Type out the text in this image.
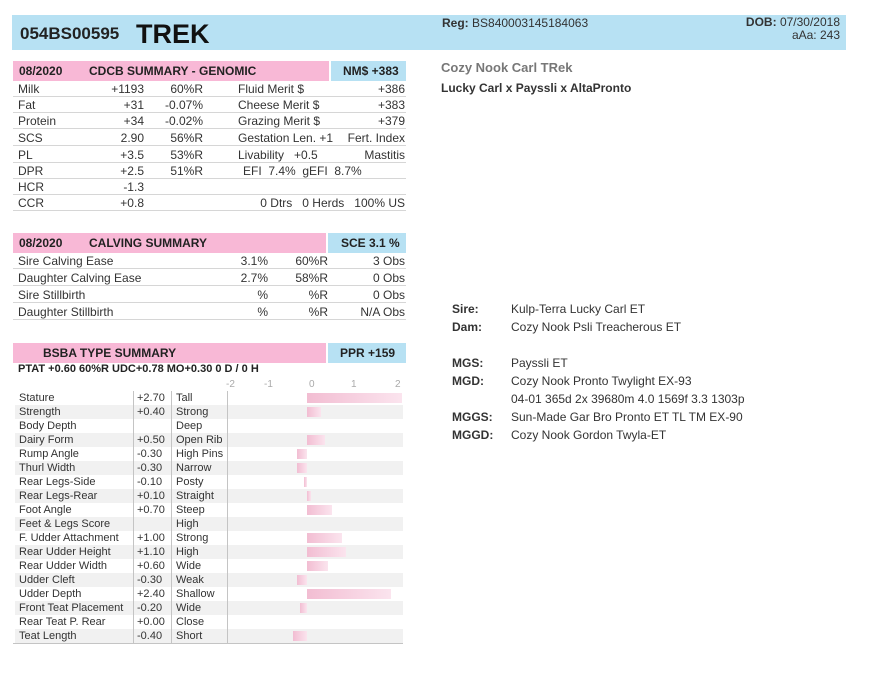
054BS00595 TREK	Reg: BS840003145184063	DOB: 07/30/2018
aAa: 243
08/2020 CDCB SUMMARY - GENOMIC	NM$ +383
Milk	+1193 60%R	Fluid Merit $	+386
Fat	+31 -0.07%	Cheese Merit $	+383
Protein	+34 -0.02%	Grazing Merit $	+379
SCS	2.90 56%R	Gestation Len. +1 Fert. Index
PL	+3.5 53%R	Livability   +0.5	Mastitis
DPR	+2.5 51%R	EFI  7.4%  gEFI  8.7%
HCR	-1.3
CCR	+0.8	0 Dtrs   0 Herds   100% US
08/2020 CALVING SUMMARY	SCE 3.1 %
Sire Calving Ease	3.1% 60%R	3 Obs
Daughter Calving Ease	2.7% 58%R	0 Obs
Sire Stillbirth	%	%R	0 Obs
Daughter Stillbirth	%	%R	N/A Obs
BSBA TYPE SUMMARY	PPR +159
PTAT +0.60 60%R UDC+0.78 MO+0.30 0 D / 0 H
-2	-1	0	1	2
Stature	+2.70 Tall
Strength	+0.40 Strong
Body Depth	Deep
Dairy Form	+0.50 Open Rib
Rump Angle	-0.30 High Pins
Thurl Width	-0.30 Narrow
Rear Legs-Side	-0.10 Posty
Rear Legs-Rear	+0.10 Straight
Foot Angle	+0.70 Steep
Feet & Legs Score	High
F. Udder Attachment +1.00 Strong
Rear Udder Height +1.10 High
Rear Udder Width	+0.60 Wide
Udder Cleft	-0.30 Weak
Udder Depth	+2.40 Shallow
Front Teat Placement -0.20 Wide
Rear Teat P. Rear	+0.00 Close
Teat Length	-0.40 Short
Cozy Nook Carl TRek
Lucky Carl x Payssli x AltaPronto
Sire:	Kulp-Terra Lucky Carl ET
Dam: Cozy Nook Psli Treacherous ET
MGS: Payssli ET
MGD: Cozy Nook Pronto Twylight EX-93
04-01 365d 2x 39680m 4.0 1569f 3.3 1303p
MGGS: Sun-Made Gar Bro Pronto ET TL TM EX-90
MGGD: Cozy Nook Gordon Twyla-ET
